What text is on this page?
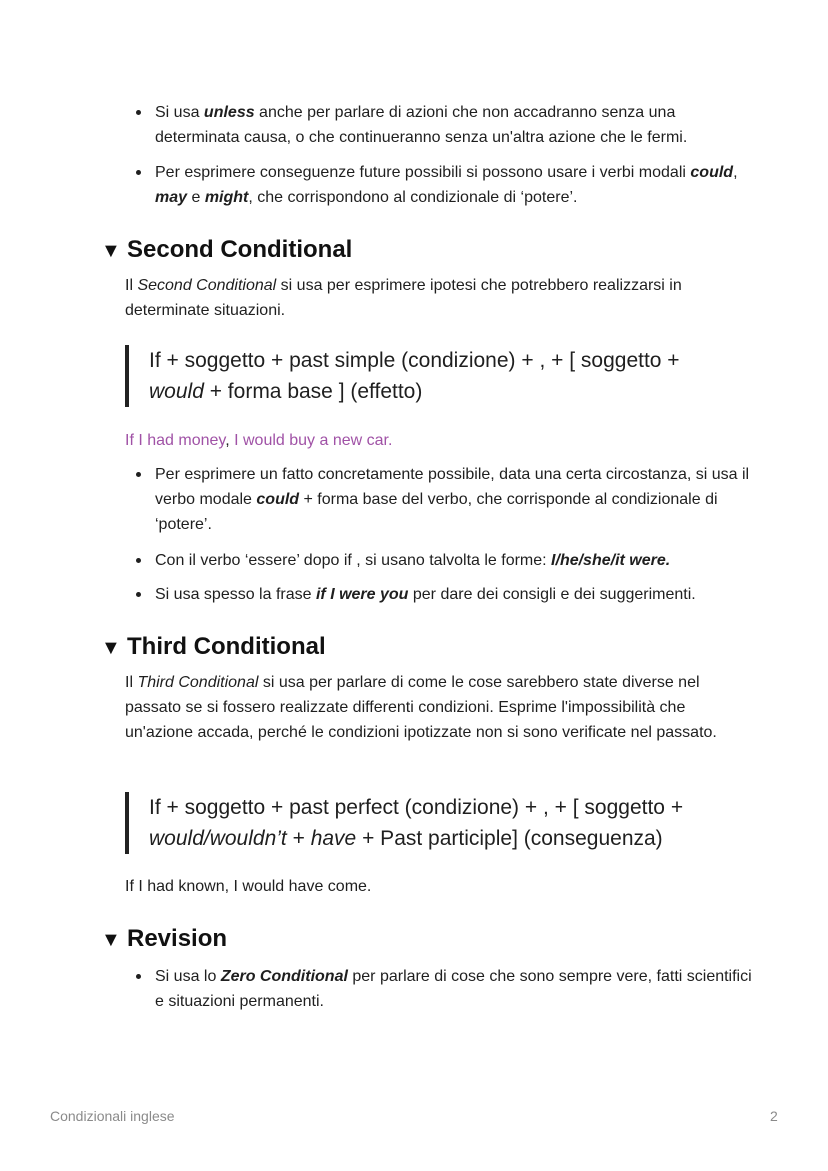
Si usa unless anche per parlare di azioni che non accadranno senza una determinata causa, o che continueranno senza un'altra azione che le fermi.
Per esprimere conseguenze future possibili si possono usare i verbi modali could, may e might, che corrispondono al condizionale di ‘potere’.
▼ Second Conditional
Il Second Conditional si usa per esprimere ipotesi che potrebbero realizzarsi in determinate situazioni.
If + soggetto + past simple (condizione) + , + [ soggetto +
would + forma base ] (effetto)
If I had money, I would buy a new car.
Per esprimere un fatto concretamente possibile, data una certa circostanza, si usa il verbo modale could + forma base del verbo, che corrisponde al condizionale di ‘potere’.
Con il verbo ‘essere’ dopo if , si usano talvolta le forme: I/he/she/it were.
Si usa spesso la frase if I were you per dare dei consigli e dei suggerimenti.
▼ Third Conditional
Il Third Conditional si usa per parlare di come le cose sarebbero state diverse nel passato se si fossero realizzate differenti condizioni. Esprime l'impossibilità che un'azione accada, perché le condizioni ipotizzate non si sono verificate nel passato.
If + soggetto + past perfect (condizione) + , + [ soggetto +
would/wouldn’t + have + Past participle] (conseguenza)
If I had known, I would have come.
▼ Revision
Si usa lo Zero Conditional per parlare di cose che sono sempre vere, fatti scientifici e situazioni permanenti.
Condizionali inglese	2
